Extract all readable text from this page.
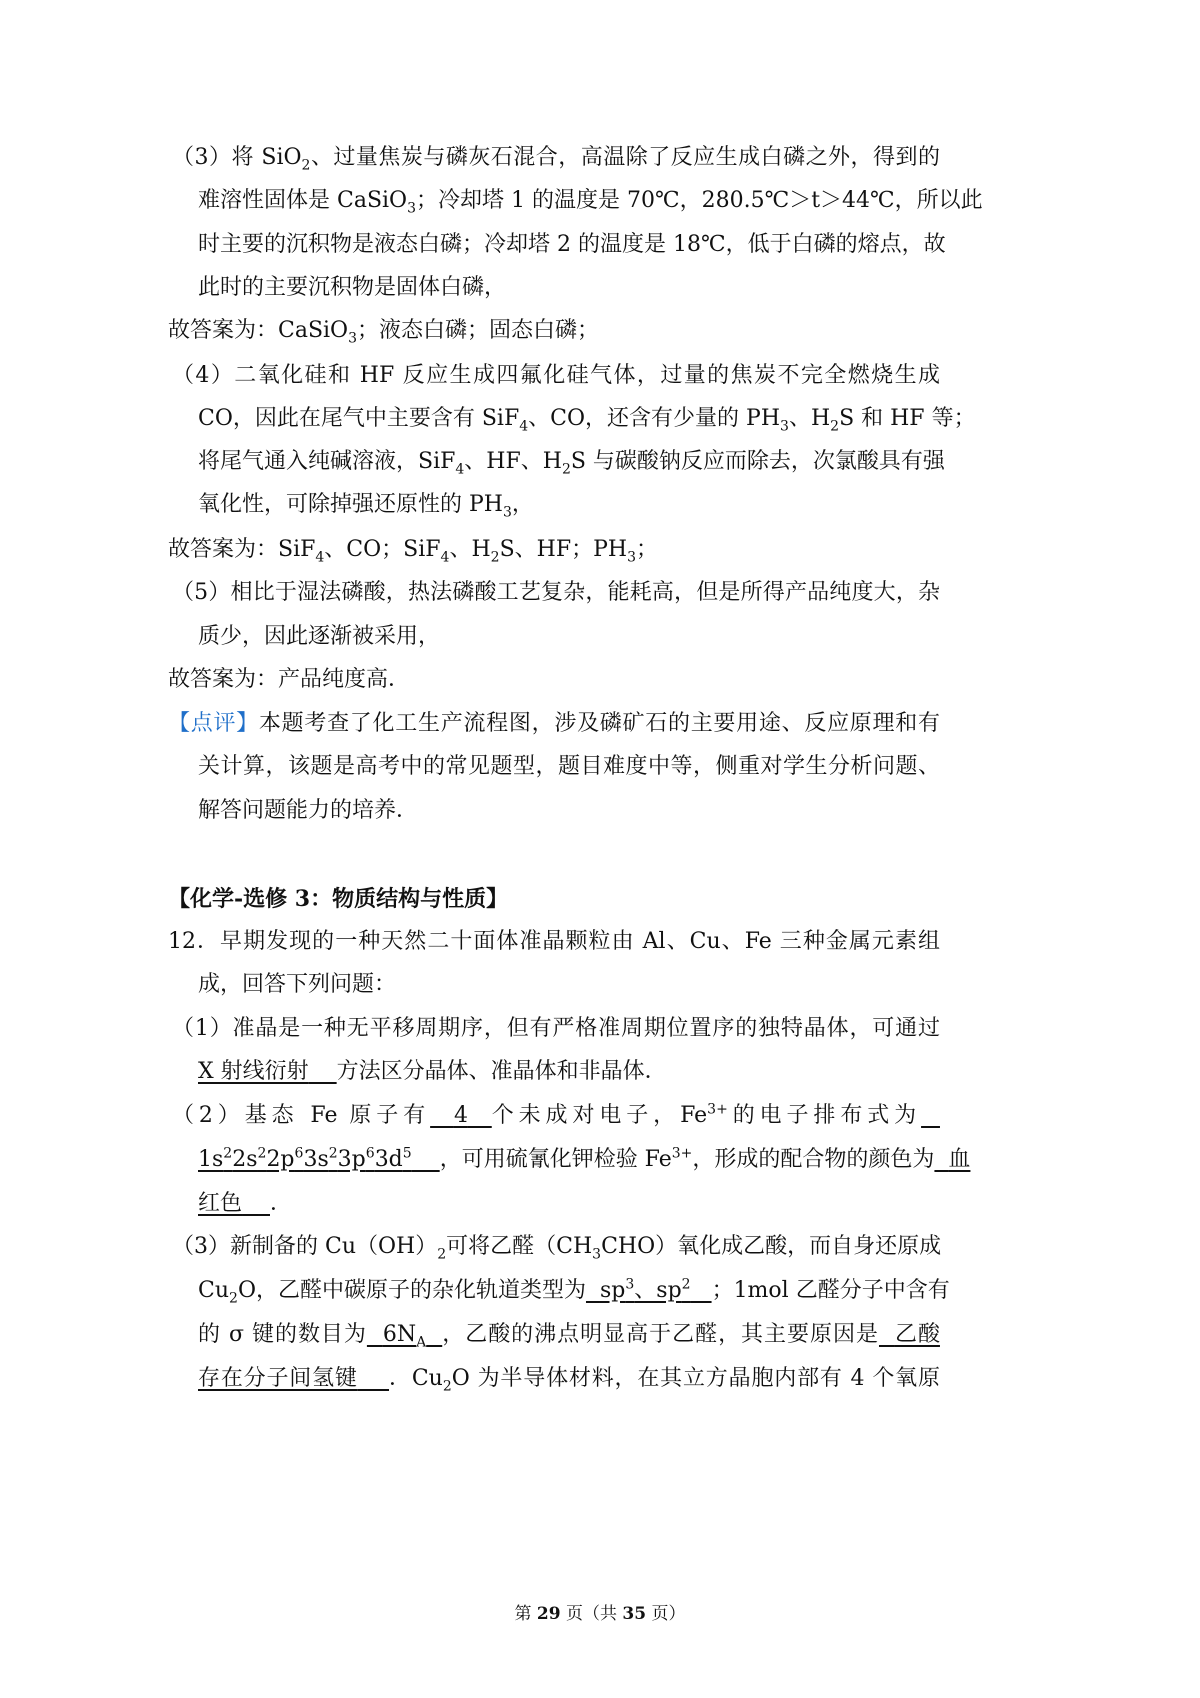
（3）将 SiO$_2$、过量焦炭与磷灰石混合，高温除了反应生成白磷之外，得到的
难溶性固体是 CaSiO$_3$；冷却塔 1 的温度是 70℃，280.5℃＞t＞44℃，所以此
时主要的沉积物是液态白磷；冷却塔 2 的温度是 18℃，低于白磷的熔点，故
此时的主要沉积物是固体白磷，
故答案为：CaSiO$_3$；液态白磷；固态白磷；
（4）二氧化硅和 HF 反应生成四氟化硅气体，过量的焦炭不完全燃烧生成
CO，因此在尾气中主要含有 SiF$_4$、CO，还含有少量的 $PH_3$、$H_2S$ 和 HF 等；
将尾气通入纯碱溶液，SiF$_4$、HF、$H_2S$ 与碳酸钠反应而除去，次氯酸具有强
氧化性，可除掉强还原性的 $PH_3$，
故答案为：SiF$_4$、CO；SiF$_4$、$H_2S$、HF；$PH_3$；
（5）相比于湿法磷酸，热法磷酸工艺复杂，能耗高，但是所得产品纯度大，杂
质少，因此逐渐被采用，
故答案为：产品纯度高．
【点评】本题考查了化工生产流程图，涉及磷矿石的主要用途、反应原理和有
关计算，该题是高考中的常见题型，题目难度中等，侧重对学生分析问题、
解答问题能力的培养．
【化学-选修 3：物质结构与性质】
12．早期发现的一种天然二十面体准晶颗粒由 Al、Cu、Fe 三种金属元素组
成，回答下列问题：
（1）准晶是一种无平移周期序，但有严格准周期位置序的独特晶体，可通过
X 射线衍射 方法区分晶体、准晶体和非晶体．
（2）基态 Fe 原子有 4 个未成对电子，$Fe^{3+}$的电子排布式为
$1s^22s^22p^63s^23p^63d^5$ ，可用硫氰化钾检验 $Fe^{3+}$，形成的配合物的颜色为 血
红色 ．
（3）新制备的 $Cu(OH)_2$可将乙醛$(CH_3CHO)$氧化成乙酸，而自身还原成
$Cu_2O$，乙醛中碳原子的杂化轨道类型为 $sp^3$、$sp^2$ ；1mol 乙醛分子中含有
的 σ 键的数目为 $6N_A$ ，乙酸的沸点明显高于乙醛，其主要原因是 乙酸
存在分子间氢键 ．$Cu_2O$ 为半导体材料，在其立方晶胞内部有 4 个氧原
第 29 页（共 35 页）
